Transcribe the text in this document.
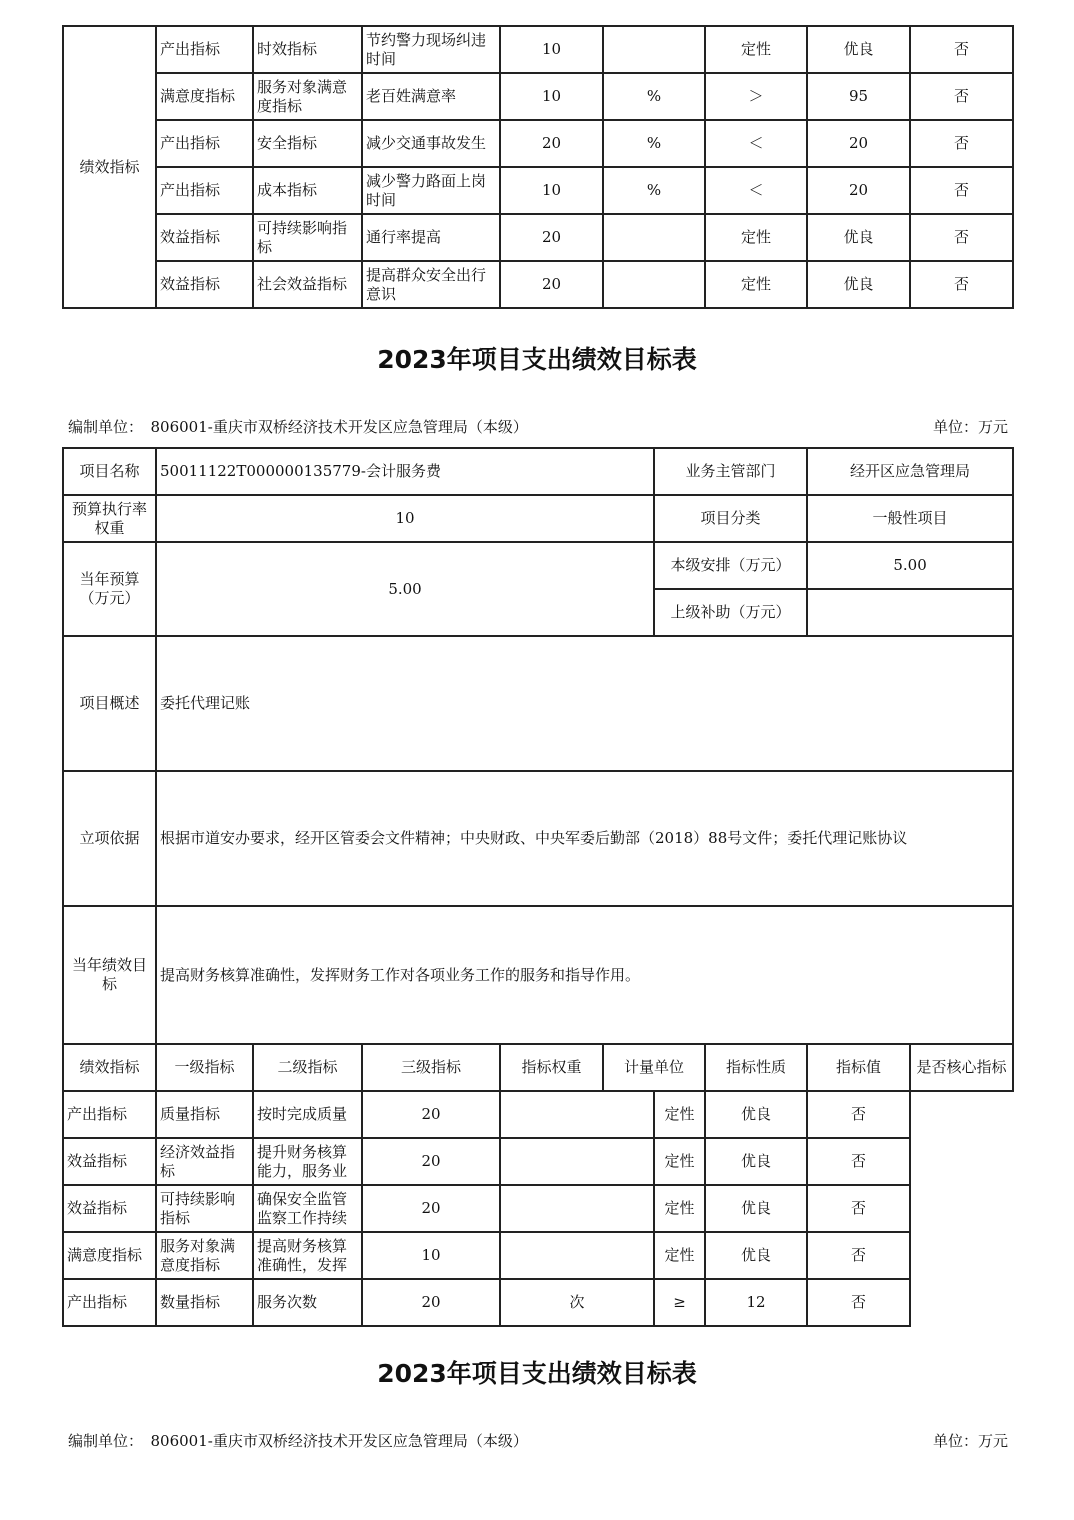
绩效指标	产出指标	时效指标	节约警力现场纠违时间	10		定性	优良	否
	满意度指标	服务对象满意度指标	老百姓满意率	10	%	＞	95	否
	产出指标	安全指标	减少交通事故发生	20	%	＜	20	否
	产出指标	成本指标	减少警力路面上岗时间	10	%	＜	20	否
	效益指标	可持续影响指标	通行率提高	20		定性	优良	否
	效益指标	社会效益指标	提高群众安全出行意识	20		定性	优良	否
2023年项目支出绩效目标表
编制单位：　806001-重庆市双桥经济技术开发区应急管理局（本级）	单位：万元
项目名称	50011122T000000135779-会计服务费					业务主管部门		经开区应急管理局	
预算执行率权重	10					项目分类		一般性项目	
当年预算（万元）	5.00					本级安排（万元）		5.00	
						上级补助（万元）			
项目概述	委托代理记账								
立项依据	根据市道安办要求，经开区管委会文件精神；中央财政、中央军委后勤部（2018）88号文件；委托代理记账协议								
当年绩效目标	提高财务核算准确性，发挥财务工作对各项业务工作的服务和指导作用。								
绩效指标	一级指标	二级指标	三级指标	指标权重	计量单位		指标性质	指标值	是否核心指标

产出指标	质量指标	按时完成质量	20			定性	优良	否	

效益指标	经济效益指标	提升财务核算能力，服务业	20			定性	优良	否	

效益指标	可持续影响指标	确保安全监管监察工作持续	20			定性	优良	否	

满意度指标	服务对象满意度指标	提高财务核算准确性，发挥	10			定性	优良	否	

产出指标	数量指标	服务次数	20	次		≥	12	否	
2023年项目支出绩效目标表
编制单位：　806001-重庆市双桥经济技术开发区应急管理局（本级）	单位：万元
